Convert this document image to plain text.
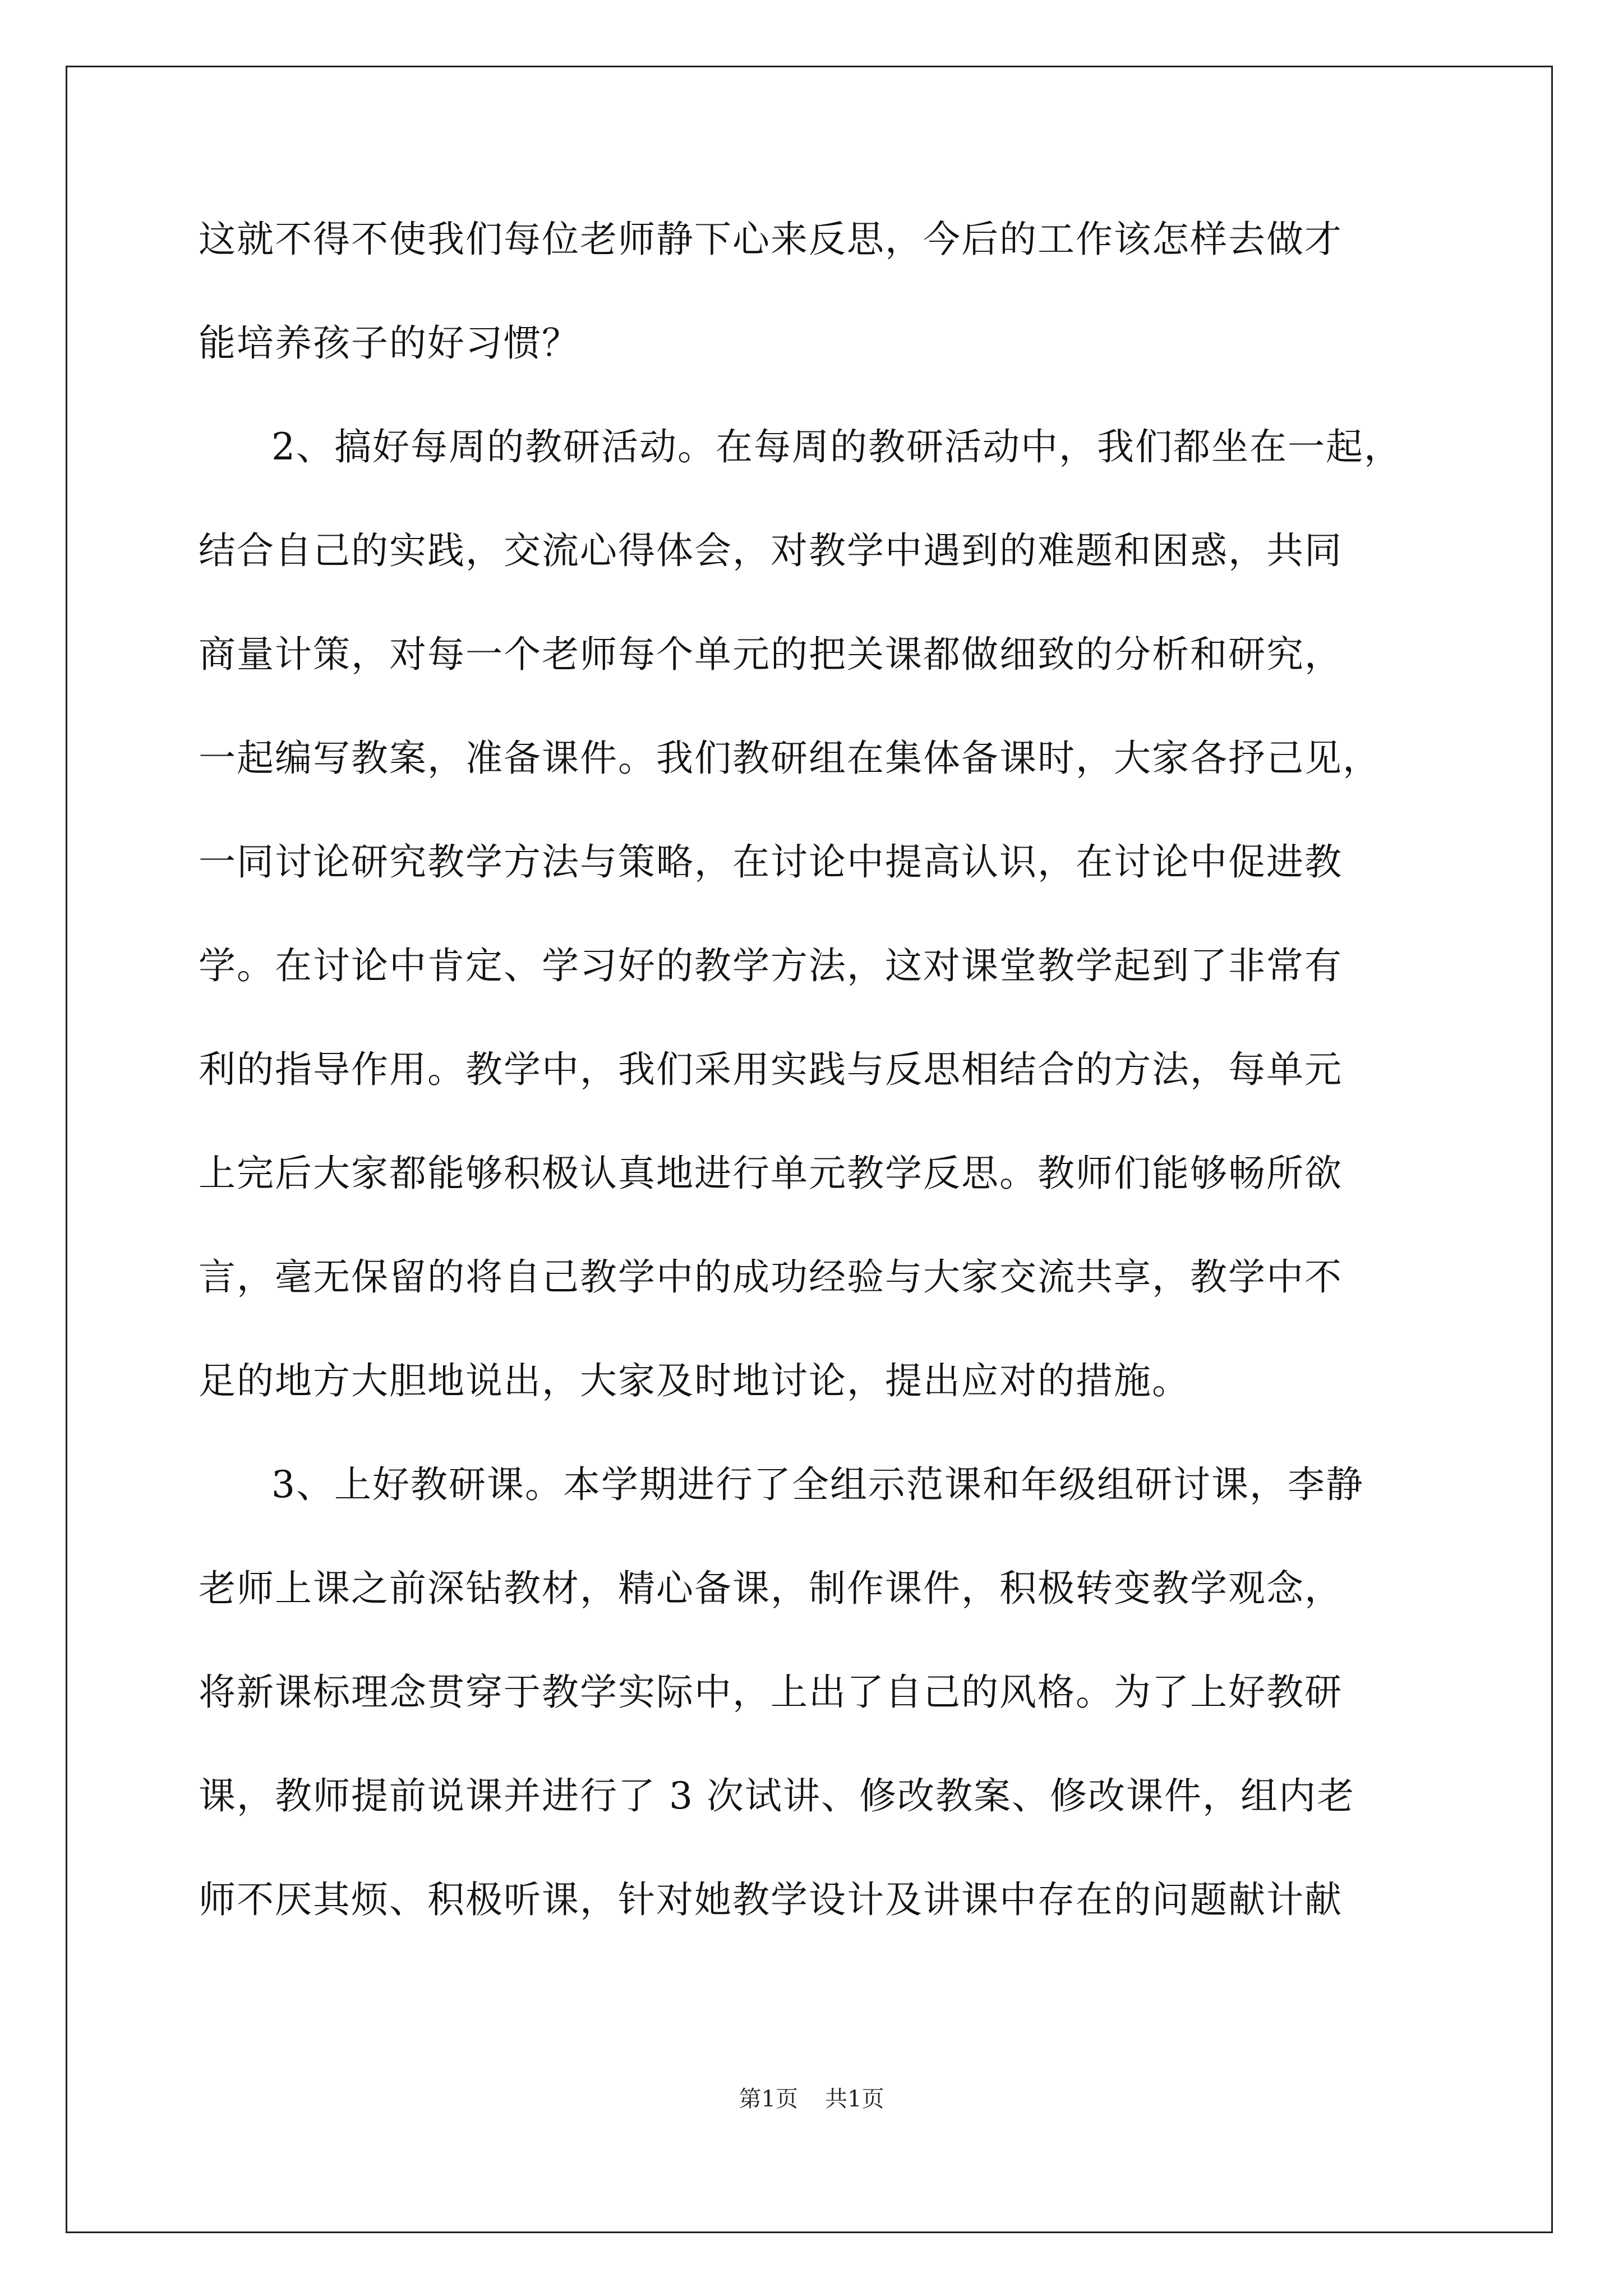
这就不得不使我们每位老师静下心来反思，今后的工作该怎样去做才
能培养孩子的好习惯？
2、搞好每周的教研活动。在每周的教研活动中，我们都坐在一起，
结合自己的实践，交流心得体会，对教学中遇到的难题和困惑，共同
商量计策，对每一个老师每个单元的把关课都做细致的分析和研究，
一起编写教案，准备课件。我们教研组在集体备课时，大家各抒己见，
一同讨论研究教学方法与策略，在讨论中提高认识，在讨论中促进教
学。在讨论中肯定、学习好的教学方法，这对课堂教学起到了非常有
利的指导作用。教学中，我们采用实践与反思相结合的方法，每单元
上完后大家都能够积极认真地进行单元教学反思。教师们能够畅所欲
言，毫无保留的将自己教学中的成功经验与大家交流共享，教学中不
足的地方大胆地说出，大家及时地讨论，提出应对的措施。
3、上好教研课。本学期进行了全组示范课和年级组研讨课，李静
老师上课之前深钻教材，精心备课，制作课件，积极转变教学观念，
将新课标理念贯穿于教学实际中，上出了自己的风格。为了上好教研
课，教师提前说课并进行了 3 次试讲、修改教案、修改课件，组内老
师不厌其烦、积极听课，针对她教学设计及讲课中存在的问题献计献
第1页 共1页
